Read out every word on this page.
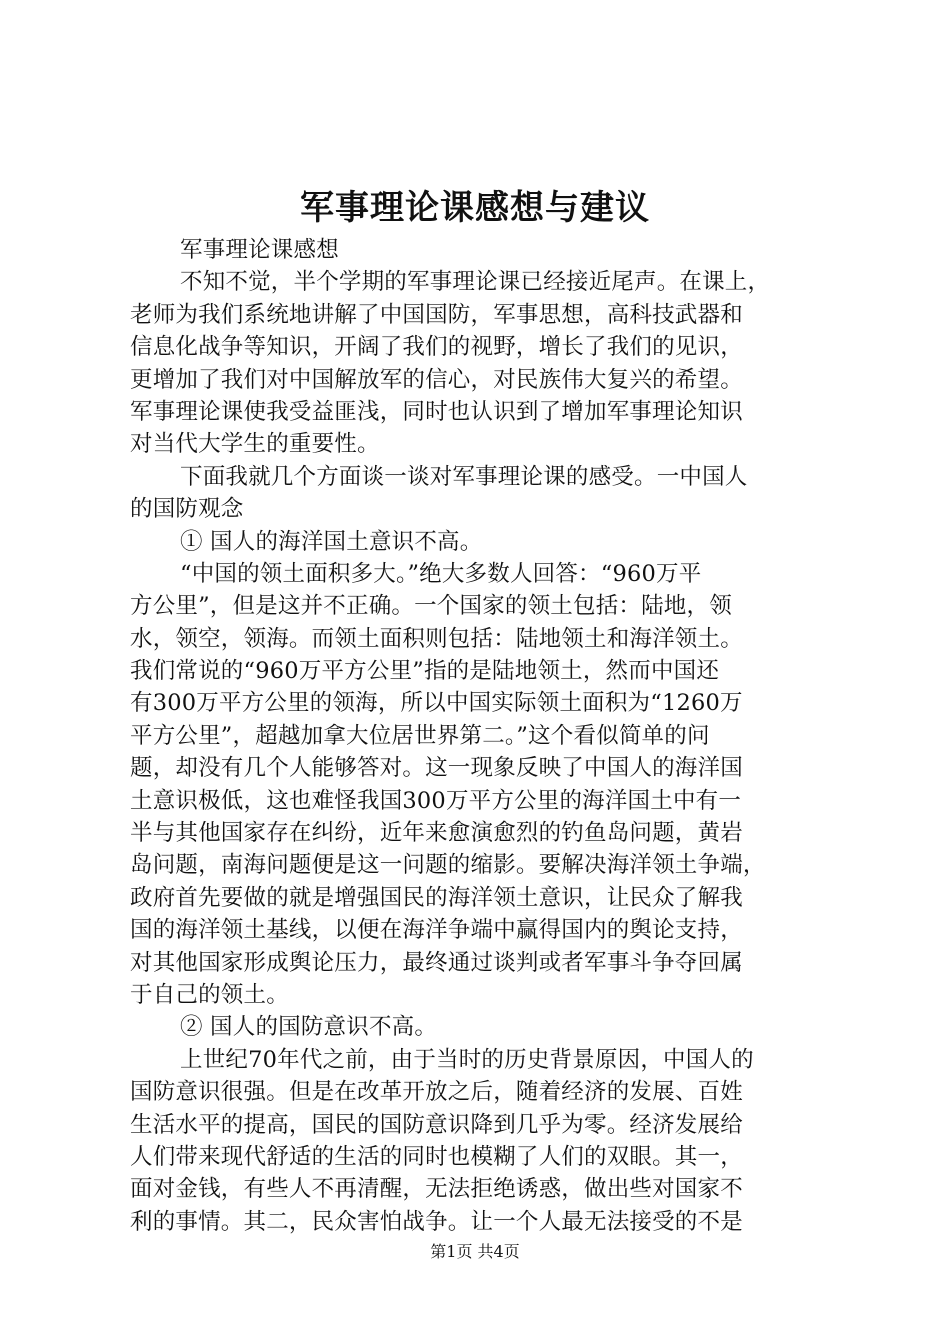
军事理论课感想与建议
军事理论课感想
不知不觉，半个学期的军事理论课已经接近尾声。在课上，
老师为我们系统地讲解了中国国防，军事思想，高科技武器和
信息化战争等知识，开阔了我们的视野，增长了我们的见识，
更增加了我们对中国解放军的信心，对民族伟大复兴的希望。
军事理论课使我受益匪浅，同时也认识到了增加军事理论知识
对当代大学生的重要性。
下面我就几个方面谈一谈对军事理论课的感受。一中国人
的国防观念
① 国人的海洋国土意识不高。
“中国的领土面积多大。”绝大多数人回答：“960万平
方公里”，但是这并不正确。一个国家的领土包括：陆地，领
水，领空，领海。而领土面积则包括：陆地领土和海洋领土。
我们常说的“960万平方公里”指的是陆地领土，然而中国还
有300万平方公里的领海，所以中国实际领土面积为“1260万
平方公里”，超越加拿大位居世界第二。”这个看似简单的问
题，却没有几个人能够答对。这一现象反映了中国人的海洋国
土意识极低，这也难怪我国300万平方公里的海洋国土中有一
半与其他国家存在纠纷，近年来愈演愈烈的钓鱼岛问题，黄岩
岛问题，南海问题便是这一问题的缩影。要解决海洋领土争端，
政府首先要做的就是增强国民的海洋领土意识，让民众了解我
国的海洋领土基线，以便在海洋争端中赢得国内的舆论支持，
对其他国家形成舆论压力，最终通过谈判或者军事斗争夺回属
于自己的领土。
② 国人的国防意识不高。
上世纪70年代之前，由于当时的历史背景原因，中国人的
国防意识很强。但是在改革开放之后，随着经济的发展、百姓
生活水平的提高，国民的国防意识降到几乎为零。经济发展给
人们带来现代舒适的生活的同时也模糊了人们的双眼。其一，
面对金钱，有些人不再清醒，无法拒绝诱惑，做出些对国家不
利的事情。其二，民众害怕战争。让一个人最无法接受的不是
第1页 共4页
